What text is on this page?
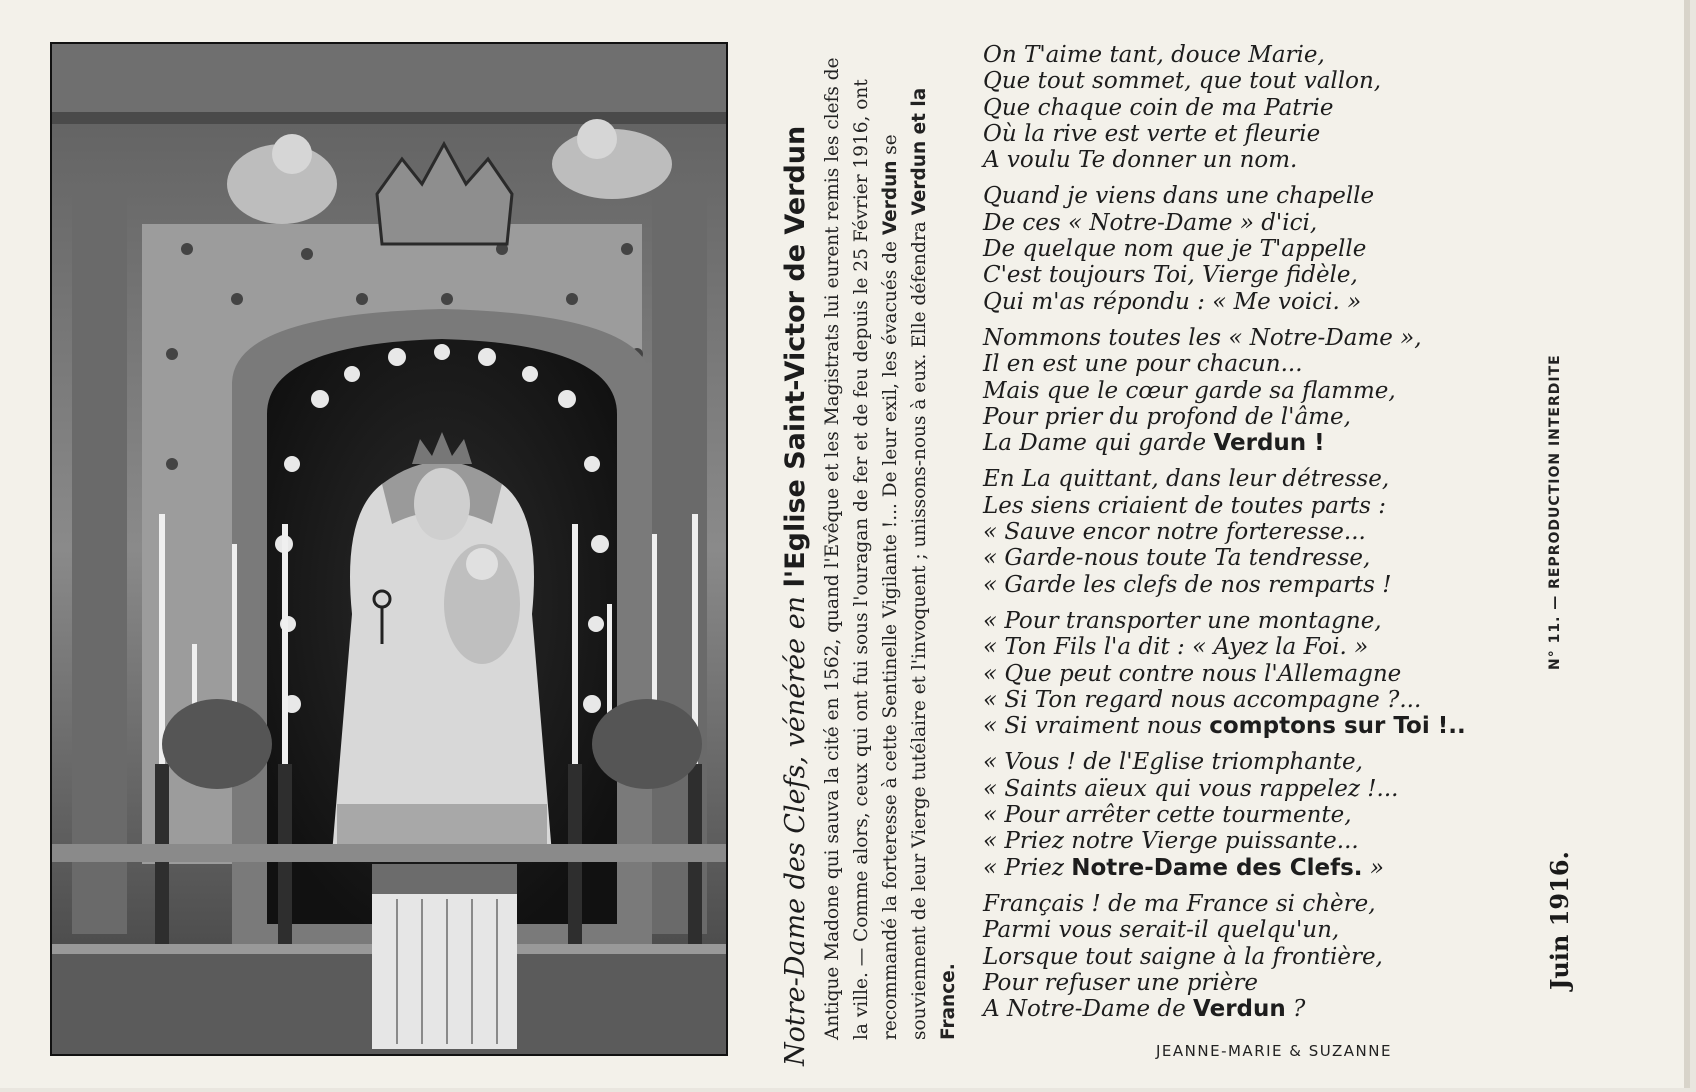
Notre-Dame des Clefs, vénérée en l'Eglise Saint-Victor de Verdun Antique Madone qui sauva la cité en 1562, quand l'Evêque et les Magistrats lui eurent remis les clefs de la ville. — Comme alors, ceux qui ont fui sous l'ouragan de fer et de feu depuis le 25 Février 1916, ont recommandé la forteresse à cette Sentinelle Vigilante !... De leur exil, les évacués de Verdun se souviennent de leur Vierge tutélaire et l'invoquent ; unissons-nous à eux. Elle défendra Verdun et la France.
On T'aime tant, douce Marie,
Que tout sommet, que tout vallon,
Que chaque coin de ma Patrie
Où la rive est verte et fleurie
A voulu Te donner un nom.
Quand je viens dans une chapelle
De ces « Notre-Dame » d'ici,
De quelque nom que je T'appelle
C'est toujours Toi, Vierge fidèle,
Qui m'as répondu : « Me voici. »
Nommons toutes les « Notre-Dame »,
Il en est une pour chacun...
Mais que le cœur garde sa flamme,
Pour prier du profond de l'âme,
La Dame qui garde Verdun !
En La quittant, dans leur détresse,
Les siens criaient de toutes parts :
« Sauve encor notre forteresse...
« Garde-nous toute Ta tendresse,
« Garde les clefs de nos remparts !
« Pour transporter une montagne,
« Ton Fils l'a dit : « Ayez la Foi. »
« Que peut contre nous l'Allemagne
« Si Ton regard nous accompagne ?...
« Si vraiment nous comptons sur Toi !..
« Vous ! de l'Eglise triomphante,
« Saints aïeux qui vous rappelez !...
« Pour arrêter cette tourmente,
« Priez notre Vierge puissante...
« Priez Notre-Dame des Clefs. »
Français ! de ma France si chère,
Parmi vous serait-il quelqu'un,
Lorsque tout saigne à la frontière,
Pour refuser une prière
A Notre-Dame de Verdun ?
JEANNE-MARIE & SUZANNE
N° 11. — REPRODUCTION INTERDITE
Juin 1916.
